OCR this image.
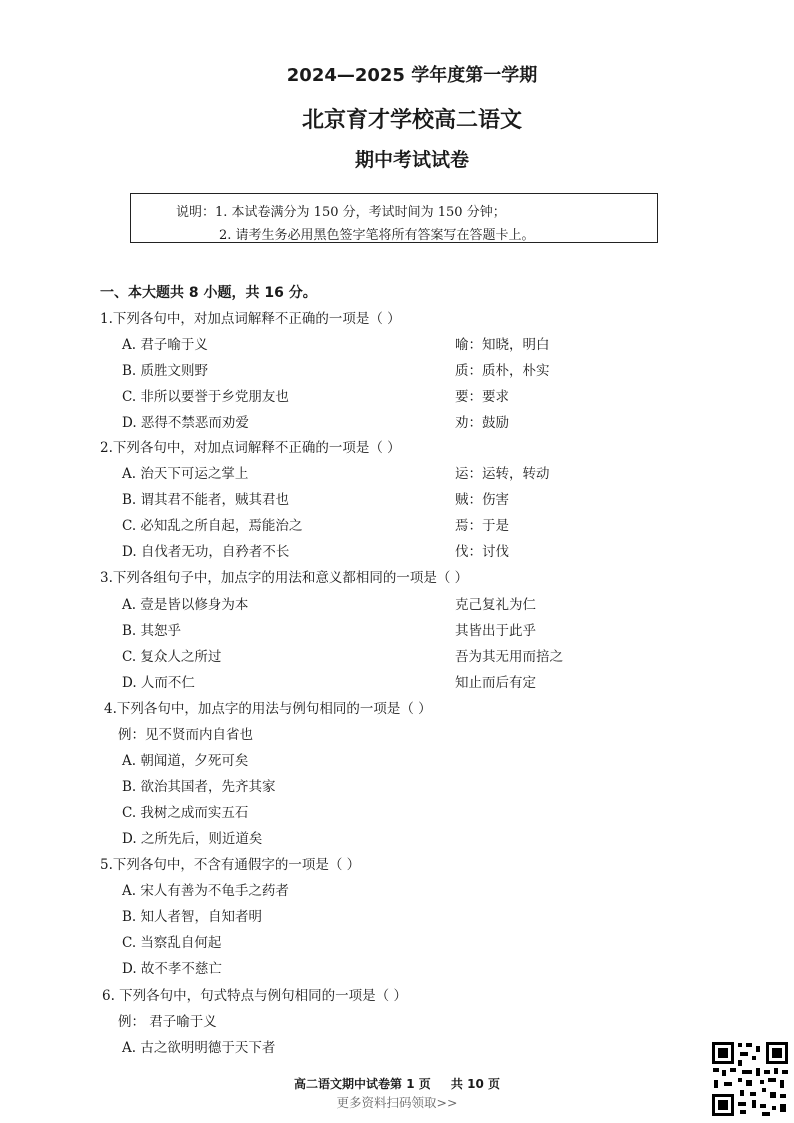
2024—2025 学年度第一学期
北京育才学校高二语文
期中考试试卷
说明：1. 本试卷满分为 150 分，考试时间为 150 分钟；
2. 请考生务必用黑色签字笔将所有答案写在答题卡上。
一、本大题共 8 小题，共 16 分。
1.下列各句中，对加点词解释不正确的一项是（ ）
A. 君子喻于义	喻：知晓，明白
B. 质胜文则野	质：质朴，朴实
C. 非所以要誉于乡党朋友也	要：要求
D. 恶得不禁恶而劝爱	劝：鼓励
2.下列各句中，对加点词解释不正确的一项是（ ）
A. 治天下可运之掌上	运：运转，转动
B. 谓其君不能者，贼其君也	贼：伤害
C. 必知乱之所自起，焉能治之	焉：于是
D. 自伐者无功，自矜者不长	伐：讨伐
3.下列各组句子中，加点字的用法和意义都相同的一项是（ ）
A. 壹是皆以修身为本	克己复礼为仁
B. 其恕乎	其皆出于此乎
C. 复众人之所过	吾为其无用而掊之
D. 人而不仁	知止而后有定
4.下列各句中，加点字的用法与例句相同的一项是（ ）
例：见不贤而内自省也
A. 朝闻道，夕死可矣
B. 欲治其国者，先齐其家
C. 我树之成而实五石
D. 之所先后，则近道矣
5.下列各句中，不含有通假字的一项是（ ）
A. 宋人有善为不龟手之药者
B. 知人者智，自知者明
C. 当察乱自何起
D. 故不孝不慈亡
6. 下列各句中，句式特点与例句相同的一项是（ ）
例： 君子喻于义
A. 古之欲明明德于天下者
高二语文期中试卷第 1 页 共 10 页
更多资料扫码领取>>
